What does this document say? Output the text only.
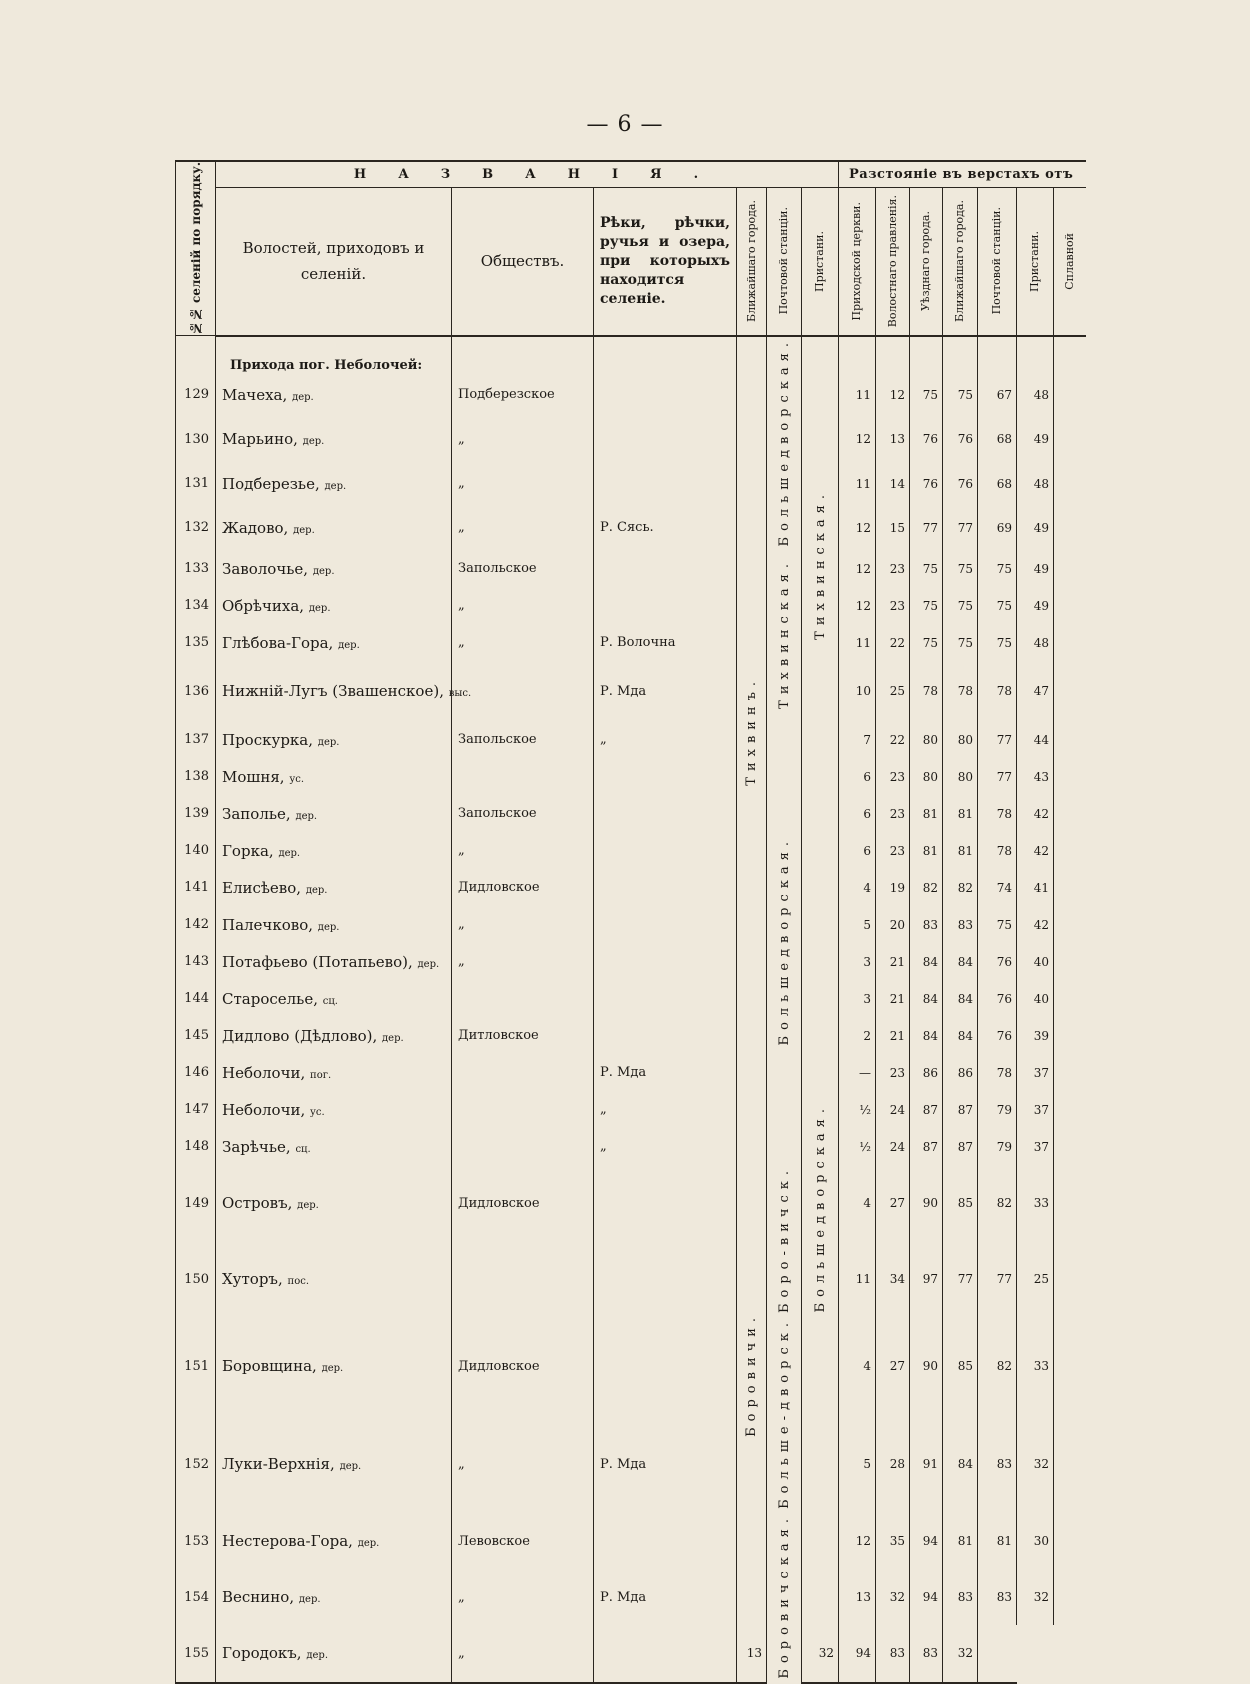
— 6 —
№№ селеній по порядку.	НАЗВАНІЯ.						Разстояніе въ верстахъ отъ						

	Волостей, приходовъ и селеній.	Обществъ.	Рѣки, рѣчки, ручья и озера, при которыхъ находится селеніе.	Ближайшаго города.	Почтовой станціи.	Пристани.	Приходской церкви.	Волостнаго правленія.	Уѣзднаго города.	Ближайшаго города.	Почтовой станціи.	Пристани.	Сплавной

	Прихода пог. Неболочей:			Тихвинъ.	Большедворская.	Тихвинская.							
129	Мачеха, дер.	Подберезское					11	12	75	75	67	48	
130	Марьино, дер.	„					12	13	76	76	68	49	
131	Подберезье, дер.	„					11	14	76	76	68	48	
132	Жадово, дер.	„	Р. Сясь.				12	15	77	77	69	49	
133	Заволочье, дер.	Запольское			Тихвинская.		12	23	75	75	75	49	
134	Обрѣчиха, дер.	„					12	23	75	75	75	49	
135	Глѣбова-Гора, дер.	„	Р. Волочна				11	22	75	75	75	48	
136	Нижній-Лугъ (Звашенское), выс.		Р. Мда				10	25	78	78	78	47	
137	Проскурка, дер.	Запольское	„		Большедворская.		7	22	80	80	77	44	
138	Мошня, ус.						6	23	80	80	77	43	
139	Заполье, дер.	Запольское				Большедворская.	6	23	81	81	78	42	
140	Горка, дер.	„					6	23	81	81	78	42	
141	Елисѣево, дер.	Дидловское					4	19	82	82	74	41	
142	Палечково, дер.	„					5	20	83	83	75	42	
143	Потафьево (Потапьево), дер.	„					3	21	84	84	76	40	
144	Староселье, сц.						3	21	84	84	76	40	
145	Дидлово (Дѣдлово), дер.	Дитловское					2	21	84	84	76	39	
146	Неболочи, пог.		Р. Мда				—	23	86	86	78	37	
147	Неболочи, ус.		„				½	24	87	87	79	37	
148	Зарѣчье, сц.		„	Боровичи.			½	24	87	87	79	37	
149	Островъ, дер.	Дидловское			Боро-вичск.		4	27	90	85	82	33	
150	Хуторъ, пос.						11	34	97	77	77	25	
151	Боровщина, дер.	Дидловское			Больше-дворск.		4	27	90	85	82	33	
152	Луки-Верхнія, дер.	„	Р. Мда				5	28	91	84	83	32	
153	Нестерова-Гора, дер.	Левовское			Боровичская.		12	35	94	81	81	30	
154	Веснино, дер.	„	Р. Мда				13	32	94	83	83	32	
155	Городокъ, дер.	„		13		32	94	83	83	32			
